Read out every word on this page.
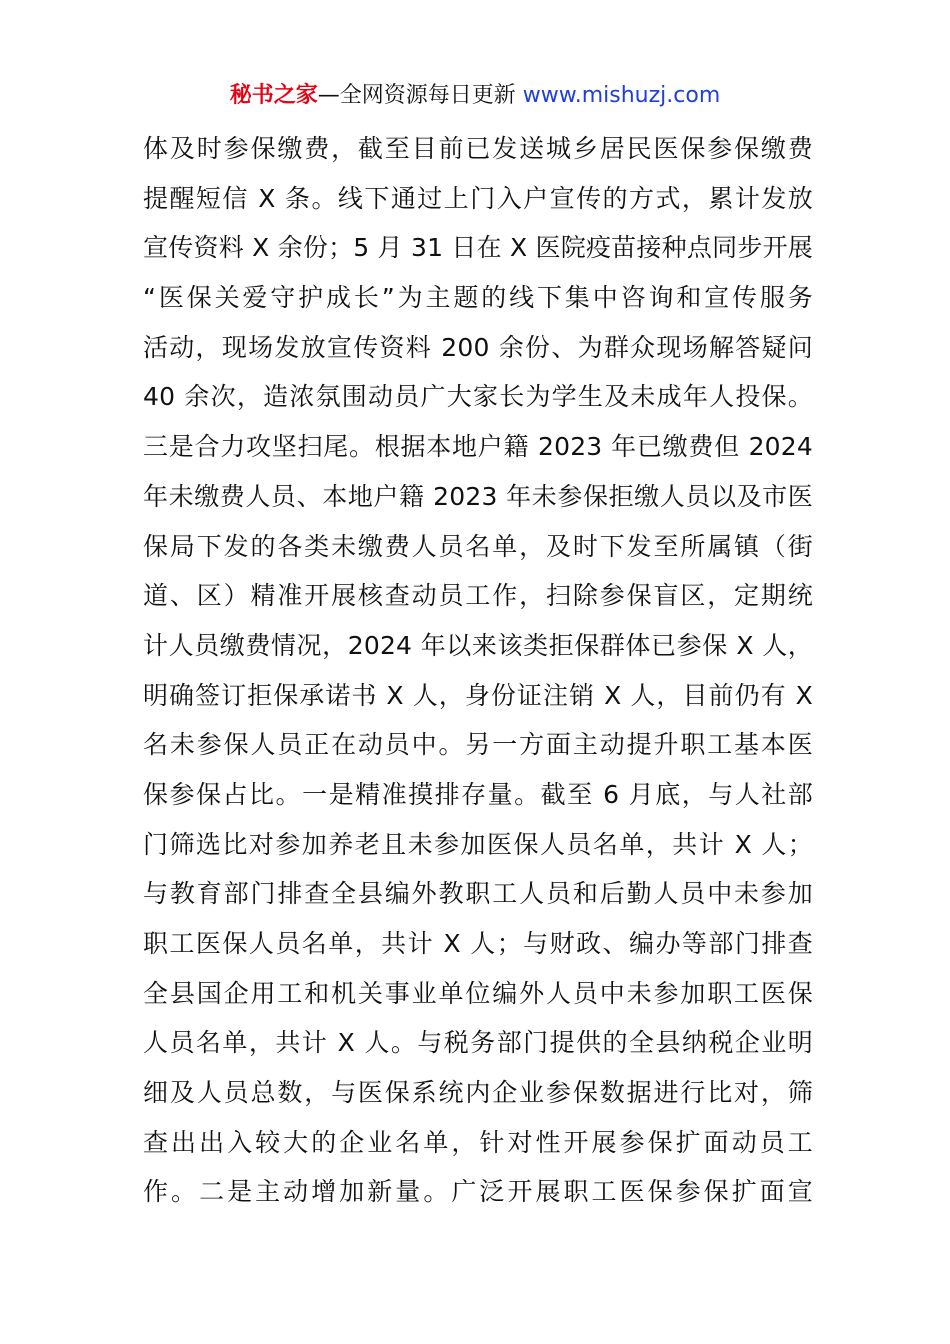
秘书之家—全网资源每日更新 www.mishuzj.com
体及时参保缴费，截至目前已发送城乡居民医保参保缴费
提醒短信 X 条。线下通过上门入户宣传的方式，累计发放
宣传资料 X 余份；5 月 31 日在 X 医院疫苗接种点同步开展
“医保关爱守护成长”为主题的线下集中咨询和宣传服务
活动，现场发放宣传资料 200 余份、为群众现场解答疑问
40 余次，造浓氛围动员广大家长为学生及未成年人投保。
三是合力攻坚扫尾。根据本地户籍 2023 年已缴费但 2024
年未缴费人员、本地户籍 2023 年未参保拒缴人员以及市医
保局下发的各类未缴费人员名单，及时下发至所属镇（街
道、区）精准开展核查动员工作，扫除参保盲区，定期统
计人员缴费情况，2024 年以来该类拒保群体已参保 X 人，
明确签订拒保承诺书 X 人，身份证注销 X 人，目前仍有 X
名未参保人员正在动员中。另一方面主动提升职工基本医
保参保占比。一是精准摸排存量。截至 6 月底，与人社部
门筛选比对参加养老且未参加医保人员名单，共计 X 人；
与教育部门排查全县编外教职工人员和后勤人员中未参加
职工医保人员名单，共计 X 人；与财政、编办等部门排查
全县国企用工和机关事业单位编外人员中未参加职工医保
人员名单，共计 X 人。与税务部门提供的全县纳税企业明
细及人员总数，与医保系统内企业参保数据进行比对，筛
查出出入较大的企业名单，针对性开展参保扩面动员工
作。二是主动增加新量。广泛开展职工医保参保扩面宣
